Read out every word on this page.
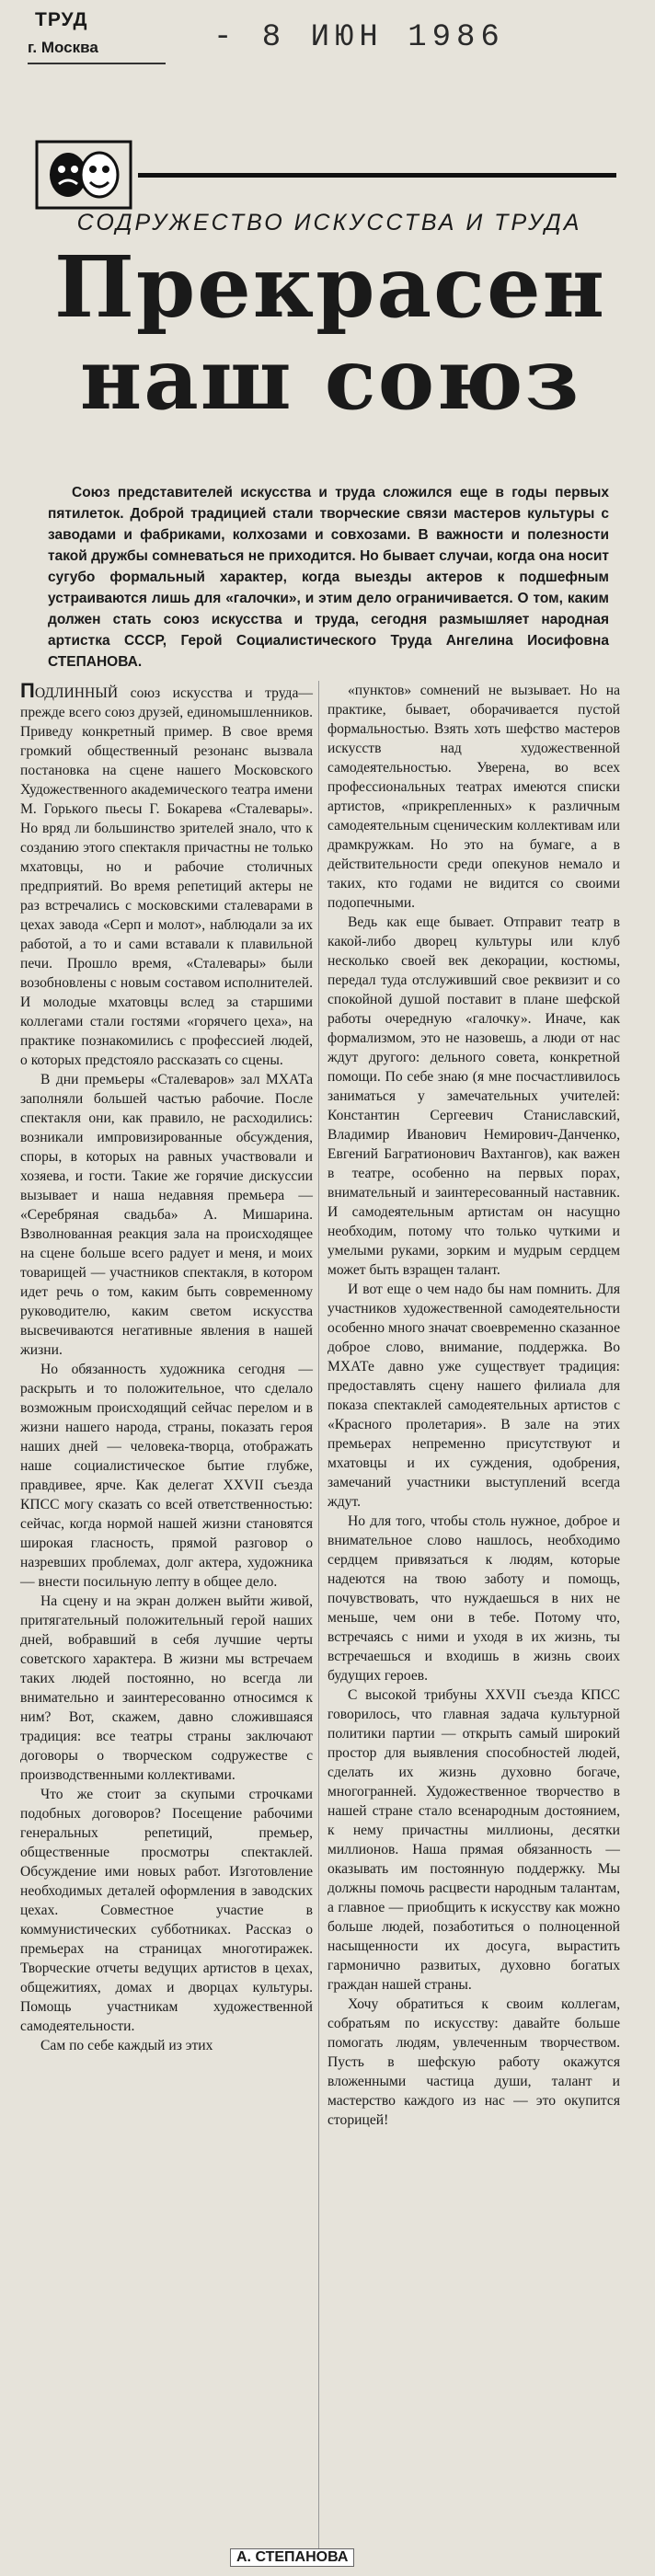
ТРУД
г. Москва	- 8 ИЮН 1986
СОДРУЖЕСТВО ИСКУССТВА И ТРУДА
Прекрасен
наш союз
Союз представителей искусства и труда сложился еще в годы первых пятилеток. Доброй традицией стали творческие связи мастеров культуры с заводами и фабриками, колхозами и совхозами. В важности и полезности такой дружбы сомневаться не приходится. Но бывает случаи, когда она носит сугубо формальный характер, когда выезды актеров к подшефным устраиваются лишь для «галочки», и этим дело ограничивается. О том, каким должен стать союз искусства и труда, сегодня размышляет народная артистка СССР, Герой Социалистического Труда Ангелина Иосифовна СТЕПАНОВА.

ПОДЛИННЫЙ союз искусства и труда—прежде всего союз друзей, единомышленников. Приведу конкретный пример. В свое время громкий общественный резонанс вызвала постановка на сцене нашего Московского Художественного академического театра имени М. Горького пьесы Г. Бокарева «Сталевары». Но вряд ли большинство зрителей знало, что к созданию этого спектакля причастны не только мхатовцы, но и рабочие столичных предприятий. Во время репетиций актеры не раз встречались с московскими сталеварами в цехах завода «Серп и молот», наблюдали за их работой, а то и сами вставали к плавильной печи. Прошло время, «Сталевары» были возобновлены с новым составом исполнителей. И молодые мхатовцы вслед за старшими коллегами стали гостями «горячего цеха», на практике познакомились с профессией людей, о которых предстояло рассказать со сцены.

В дни премьеры «Сталеваров» зал МХАТа заполняли большей частью рабочие. После спектакля они, как правило, не расходились: возникали импровизированные обсуждения, споры, в которых на равных участвовали и хозяева, и гости. Такие же горячие дискуссии вызывает и наша недавняя премьера — «Серебряная свадьба» А. Мишарина. Взволнованная реакция зала на происходящее на сцене больше всего радует и меня, и моих товарищей — участников спектакля, в котором идет речь о том, каким быть современному руководителю, каким светом искусства высвечиваются негативные явления в нашей жизни.

Но обязанность художника сегодня — раскрыть и то положительное, что сделало возможным происходящий сейчас перелом и в жизни нашего народа, страны, показать героя наших дней — человека-творца, отображать наше социалистическое бытие глубже, правдивее, ярче. Как делегат XXVII съезда КПСС могу сказать со всей ответственностью: сейчас, когда нормой нашей жизни становятся широкая гласность, прямой разговор о назревших проблемах, долг актера, художника — внести посильную лепту в общее дело.

На сцену и на экран должен выйти живой, притягательный положительный герой наших дней, вобравший в себя лучшие черты советского характера. В жизни мы встречаем таких людей постоянно, но всегда ли внимательно и заинтересованно относимся к ним? Вот, скажем, давно сложившаяся традиция: все театры страны заключают договоры о творческом содружестве с производственными коллективами.

Что же стоит за скупыми строчками подобных договоров? Посещение рабочими генеральных репетиций, премьер, общественные просмотры спектаклей. Обсуждение ими новых работ. Изготовление необходимых деталей оформления в заводских цехах. Совместное участие в коммунистических субботниках. Рассказ о премьерах на страницах многотиражек. Творческие отчеты ведущих артистов в цехах, общежитиях, домах и дворцах культуры. Помощь участникам художественной самодеятельности.

Сам по себе каждый из этих

«пунктов» сомнений не вызывает. Но на практике, бывает, оборачивается пустой формальностью. Взять хоть шефство мастеров искусств над художественной самодеятельностью. Уверена, во всех профессиональных театрах имеются списки артистов, «прикрепленных» к различным самодеятельным сценическим коллективам или драмкружкам. Но это на бумаге, а в действительности среди опекунов немало и таких, кто годами не видится со своими подопечными.

Ведь как еще бывает. Отправит театр в какой-либо дворец культуры или клуб несколько своей век декорации, костюмы, передал туда отслуживший свое реквизит и со спокойной душой поставит в плане шефской работы очередную «галочку». Иначе, как формализмом, это не назовешь, а люди от нас ждут другого: дельного совета, конкретной помощи. По себе знаю (я мне посчастливилось заниматься у замечательных учителей: Константин Сергеевич Станиславский, Владимир Иванович Немирович-Данченко, Евгений Багратионович Вахтангов), как важен в театре, особенно на первых порах, внимательный и заинтересованный наставник. И самодеятельным артистам он насущно необходим, потому что только чуткими и умелыми руками, зорким и мудрым сердцем может быть взращен талант.

И вот еще о чем надо бы нам помнить. Для участников художественной самодеятельности особенно много значат своевременно сказанное доброе слово, внимание, поддержка. Во МХАТе давно уже существует традиция: предоставлять сцену нашего филиала для показа спектаклей самодеятельных артистов с «Красного пролетария». В зале на этих премьерах непременно присутствуют и мхатовцы и их суждения, одобрения, замечаний участники выступлений всегда ждут.

Но для того, чтобы столь нужное, доброе и внимательное слово нашлось, необходимо сердцем привязаться к людям, которые надеются на твою заботу и помощь, почувствовать, что нуждаешься в них не меньше, чем они в тебе. Потому что, встречаясь с ними и уходя в их жизнь, ты встречаешься и входишь в жизнь своих будущих героев.

С высокой трибуны XXVII съезда КПСС говорилось, что главная задача культурной политики партии — открыть самый широкий простор для выявления способностей людей, сделать их жизнь духовно богаче, многогранней. Художественное творчество в нашей стране стало всенародным достоянием, к нему причастны миллионы, десятки миллионов. Наша прямая обязанность — оказывать им постоянную поддержку. Мы должны помочь расцвести народным талантам, а главное — приобщить к искусству как можно больше людей, позаботиться о полноценной насыщенности их досуга, вырастить гармонично развитых, духовно богатых граждан нашей страны.

Хочу обратиться к своим коллегам, собратьям по искусству: давайте больше помогать людям, увлеченным творчеством. Пусть в шефскую работу окажутся вложенными частица души, талант и мастерство каждого из нас — это окупится сторицей!

А. СТЕПАНОВА
